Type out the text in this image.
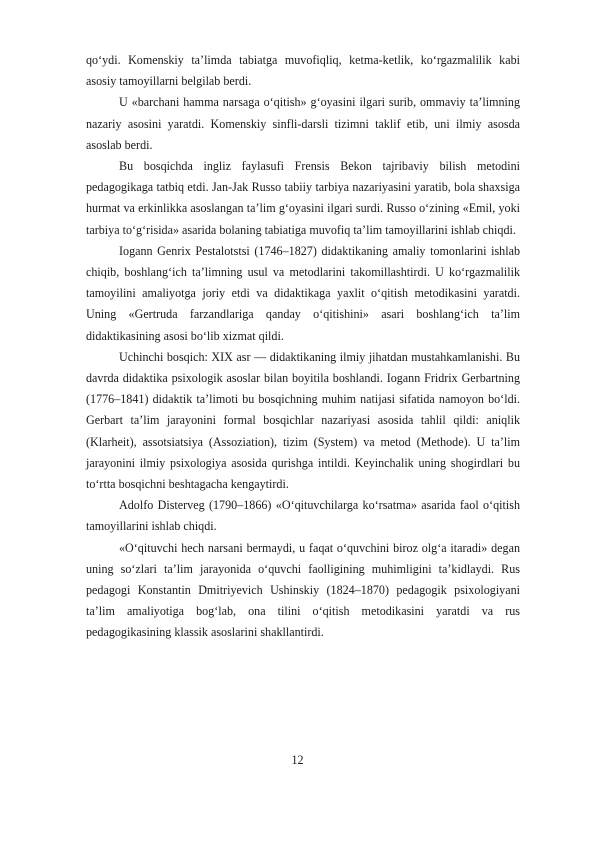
qo‘ydi. Komenskiy ta’limda tabiatga muvofiqliq, ketma-ketlik, ko‘rgazmalilik kabi asosiy tamoyillarni belgilab berdi.

U «barchani hamma narsaga o‘qitish» g‘oyasini ilgari surib, ommaviy ta’limning nazariy asosini yaratdi. Komenskiy sinfli-darsli tizimni taklif etib, uni ilmiy asosda asoslab berdi.

Bu bosqichda ingliz faylasufi Frensis Bekon tajribaviy bilish metodini pedagogikaga tatbiq etdi. Jan-Jak Russo tabiiy tarbiya nazariyasini yaratib, bola shaxsiga hurmat va erkinlikka asoslangan ta’lim g‘oyasini ilgari surdi. Russo o‘zining «Emil, yoki tarbiya to‘g‘risida» asarida bolaning tabiatiga muvofiq ta’lim tamoyillarini ishlab chiqdi.

Iogann Genrix Pestalotstsi (1746–1827) didaktikaning amaliy tomonlarini ishlab chiqib, boshlang‘ich ta’limning usul va metodlarini takomillashtirdi. U ko‘rgazmalilik tamoyilini amaliyotga joriy etdi va didaktikaga yaxlit o‘qitish metodikasini yaratdi. Uning «Gertruda farzandlariga qanday o‘qitishini» asari boshlang‘ich ta’lim didaktikasining asosi bo‘lib xizmat qildi.

Uchinchi bosqich: XIX asr — didaktikaning ilmiy jihatdan mustahkamlanishi. Bu davrda didaktika psixologik asoslar bilan boyitila boshlandi. Iogann Fridrix Gerbartning (1776–1841) didaktik ta’limoti bu bosqichning muhim natijasi sifatida namoyon bo‘ldi. Gerbart ta’lim jarayonini formal bosqichlar nazariyasi asosida tahlil qildi: aniqlik (Klarheit), assotsiatsiya (Assoziation), tizim (System) va metod (Methode). U ta’lim jarayonini ilmiy psixologiya asosida qurishga intildi. Keyinchalik uning shogirdlari bu to‘rtta bosqichni beshtagacha kengaytirdi.

Adolfo Disterveg (1790–1866) «O‘qituvchilarga ko‘rsatma» asarida faol o‘qitish tamoyillarini ishlab chiqdi.

«O‘qituvchi hech narsani bermaydi, u faqat o‘quvchini biroz olg‘a itaradi» degan uning so‘zlari ta’lim jarayonida o‘quvchi faolligining muhimligini ta’kidlaydi. Rus pedagogi Konstantin Dmitriyevich Ushinskiy (1824–1870) pedagogik psixologiyani ta’lim amaliyotiga bog‘lab, ona tilini o‘qitish metodikasini yaratdi va rus pedagogikasining klassik asoslarini shakllantirdi.

12
